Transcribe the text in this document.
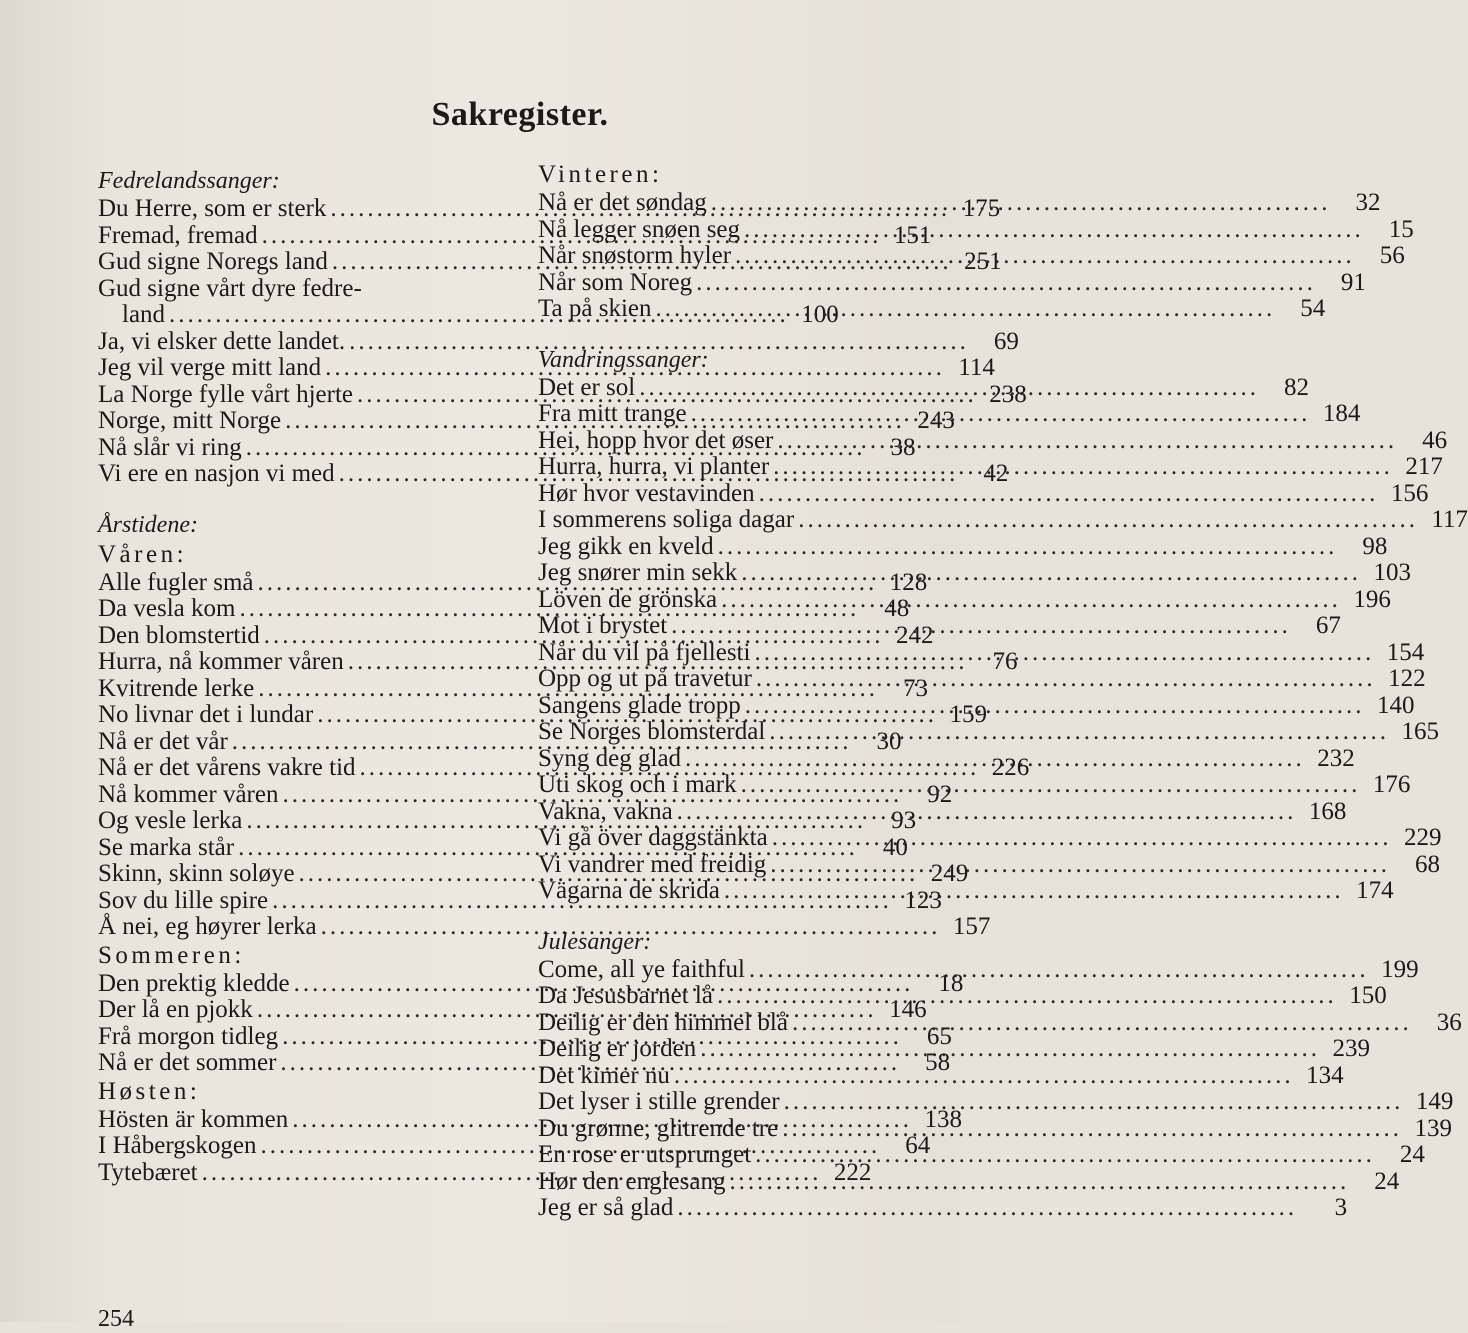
Sakregister.
Fedrelandssanger:
Du Herre, som er sterk .....	175
Fremad, fremad .....	151
Gud signe Noregs land .....	251
Gud signe vårt dyre fedre-
land .....	100
Ja, vi elsker dette landet. .....	69
Jeg vil verge mitt land .....	114
La Norge fylle vårt hjerte .....	238
Norge, mitt Norge .....	243
Nå slår vi ring .....	38
Vi ere en nasjon vi med .....	42
Årstidene:
Våren:
Alle fugler små .....	128
Da vesla kom .....	48
Den blomstertid .....	242
Hurra, nå kommer våren .....	76
Kvitrende lerke .....	73
No livnar det i lundar .....	159
Nå er det vår .....	30
Nå er det vårens vakre tid .....	226
Nå kommer våren .....	92
Og vesle lerka .....	93
Se marka står .....	40
Skinn, skinn soløye .....	249
Sov du lille spire .....	123
Å nei, eg høyrer lerka .....	157
Sommeren:
Den prektig kledde .....	18
Der lå en pjokk .....	146
Frå morgon tidleg .....	65
Nå er det sommer .....	58
Høsten:
Hösten är kommen .....	138
I Håbergskogen .....	64
Tytebæret .....	222
Vinteren:
Nå er det søndag .....	32
Nå legger snøen seg .....	15
Når snøstorm hyler .....	56
Når som Noreg .....	91
Ta på skien .....	54
Vandringssanger:
Det er sol .....	82
Fra mitt trange .....	184
Hei, hopp hvor det øser .....	46
Hurra, hurra, vi planter .....	217
Hør hvor vestavinden .....	156
I sommerens soliga dagar .....	117
Jeg gikk en kveld .....	98
Jeg snører min sekk .....	103
Löven de grönska .....	196
Mot i brystet .....	67
Når du vil på fjellesti .....	154
Opp og ut på travetur .....	122
Sangens glade tropp .....	140
Se Norges blomsterdal .....	165
Syng deg glad .....	232
Uti skog och i mark .....	176
Vakna, vakna .....	168
Vi gå över daggstänkta .....	229
Vi vandrer med freidig .....	68
Vägarna de skrida .....	174
Julesanger:
Come, all ye faithful .....	199
Da Jesusbarnet lå .....	150
Deilig er den himmel blå .....	36
Deilig er jorden .....	239
Det kimer nu .....	134
Det lyser i stille grender .....	149
Du grønne, glitrende tre .....	139
En rose er utsprunget .....	24
Hør den englesang .....	24
Jeg er så glad .....	3
254
